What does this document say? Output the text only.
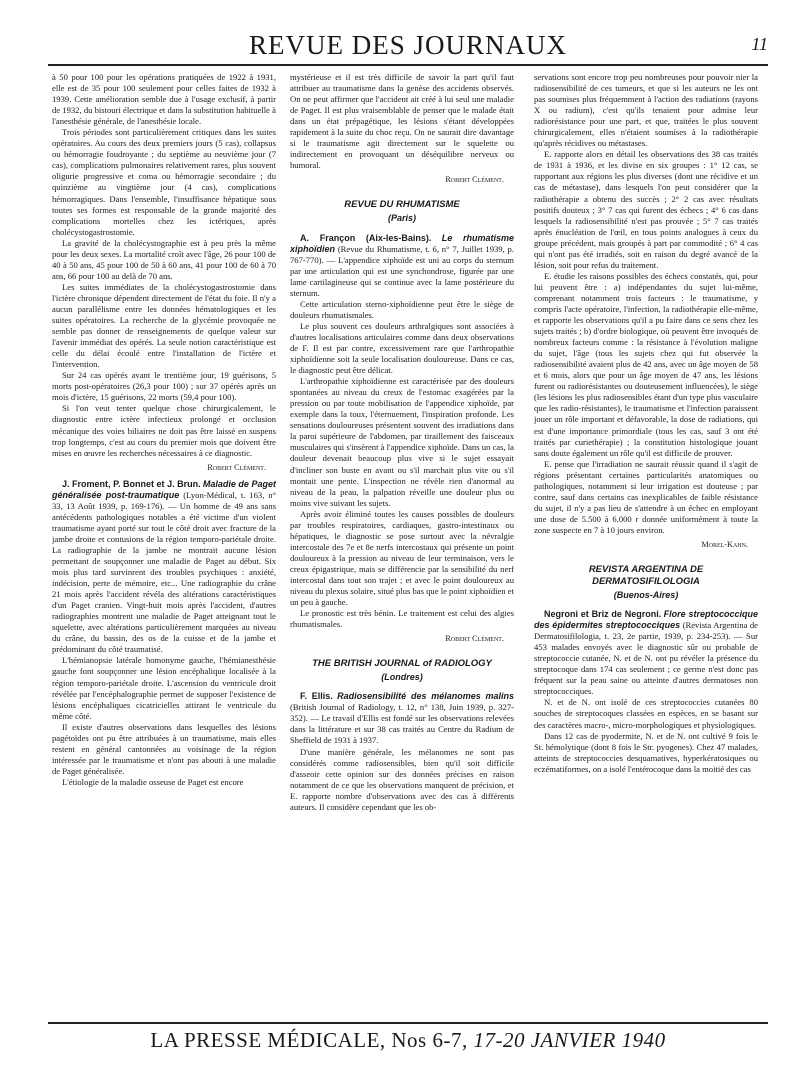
REVUE DES JOURNAUX	11

à 50 pour 100 pour les opérations pratiquées de 1922 à 1931, elle est de 35 pour 100 seulement pour celles faites de 1932 à 1939. Cette amélioration semble due à l'usage exclusif, à partir de 1932, du bistouri électrique et dans la substitution habituelle à l'anesthésie générale, de l'anesthésie locale.

Trois périodes sont particulièrement critiques dans les suites opératoires. Au cours des deux premiers jours (5 cas), collapsus ou hémorragie foudroyante ; du septième au neuvième jour (7 cas), complications pulmonaires relativement rares, plus souvent oligurie progressive et coma ou hémorragie secondaire ; du quinzième au vingtième jour (4 cas), complications hémorragiques. Dans l'ensemble, l'insuffisance hépatique sous toutes ses formes est responsable de la grande majorité des complications mortelles chez les ictériques, après cholécystogastrostomie.

La gravité de la cholécystographie est à peu près la même pour les deux sexes. La mortalité croît avec l'âge, 26 pour 100 de 40 à 50 ans, 45 pour 100 de 50 à 60 ans, 41 pour 100 de 60 à 70 ans, 66 pour 100 au delà de 70 ans.

Les suites immédiates de la cholécystogastrostomie dans l'ictère chronique dépendent directement de l'état du foie. Il n'y a aucun parallélisme entre les données hématologiques et les suites opératoires. La recherche de la glycémie provoquée ne semble pas donner de renseignements de quelque valeur sur l'avenir immédiat des opérés. La seule notion caractéristique est celle du délai écoulé entre l'installation de l'ictère et l'intervention.

Sur 24 cas opérés avant le trentième jour, 19 guérisons, 5 morts post-opératoires (26,3 pour 100) ; sur 37 opérés après un mois d'ictère, 15 guérisons, 22 morts (59,4 pour 100).

Si l'on veut tenter quelque chose chirurgicalement, le diagnostic entre ictère infectieux prolongé et occlusion mécanique des voies biliaires ne doit pas être laissé en suspens trop longtemps, c'est au cours du premier mois que doivent être mises en œuvre les recherches nécessaires à ce diagnostic.

Robert Clément.

J. Froment, P. Bonnet et J. Brun. Maladie de Paget généralisée post-traumatique (Lyon-Médical, t. 163, n° 33, 13 Août 1939, p. 169-176). — Un homme de 49 ans sans antécédents pathologiques notables a été victime d'un violent traumatisme ayant porté sur tout le côté droit avec fracture de la jambe droite et contusions de la région temporo-pariétale droite. La radiographie de la jambe ne montrait aucune lésion permettant de soupçonner une maladie de Paget au début. Six mois plus tard survinrent des troubles psychiques : anxiété, indécision, perte de mémoire, etc... Une radiographie du crâne 21 mois après l'accident révéla des altérations caractéristiques d'un Paget cranien. Vingt-huit mois après l'accident, d'autres radiographies montrent une maladie de Paget atteignant tout le squelette, avec altérations particulièrement marquées au niveau du crâne, du bassin, des os de la cuisse et de la jambe et prédominant du côté traumatisé.

L'hémianopsie latérale homonyme gauche, l'hémianesthésie gauche font soupçonner une lésion encéphalique localisée à la région temporo-pariétale droite. L'ascension du ventricule droit révélée par l'encéphalographie permet de supposer l'existence de lésions encéphaliques cicatricielles attirant le ventricule du même côté.

Il existe d'autres observations dans lesquelles des lésions pagétoïdes ont pu être attribuées à un traumatisme, mais elles restent en général cantonnées au voisinage de la région intéressée par le traumatisme et n'ont pas abouti à une maladie de Paget généralisée.

L'étiologie de la maladie osseuse de Paget est encore

mystérieuse et il est très difficile de savoir la part qu'il faut attribuer au traumatisme dans la genèse des accidents observés. On ne peut affirmer que l'accident ait créé à lui seul une maladie de Paget. Il est plus vraisemblable de penser que le malade était dans un état prépagétique, les lésions s'étant développées rapidement à la suite du choc reçu. On ne saurait dire davantage si le traumatisme agit directement sur le squelette ou indirectement en provoquant un déséquilibre nerveux ou humoral.

Robert Clément.
REVUE DU RHUMATISME
(Paris)

A. Françon (Aix-les-Bains). Le rhumatisme xiphoïdien (Revue du Rhumatisme, t. 6, n° 7, Juillet 1939, p. 767-770). — L'appendice xiphoïde est uni au corps du sternum par une articulation qui est une synchondrose, figurée par une lame cartilagineuse qui se continue avec la lame postérieure du sternum.

Cette articulation sterno-xiphoïdienne peut être le siège de douleurs rhumatismales.

Le plus souvent ces douleurs arthralgiques sont associées à d'autres localisations articulaires comme dans deux observations de F. Il est par contre, excessivement rare que l'arthropathie xiphoïdienne soit la seule localisation douloureuse. Dans ce cas, le diagnostic peut être délicat.

L'arthropathie xiphoïdienne est caractérisée par des douleurs spontanées au niveau du creux de l'estomac exagérées par la pression ou par toute mobilisation de l'appendice xiphoïde, par exemple dans la toux, l'éternuement, l'inspiration profonde. Les sensations douloureuses présentent souvent des irradiations dans la paroi supérieure de l'abdomen, par tiraillement des faisceaux musculaires qui s'insèrent à l'appendice xiphoïde. Dans un cas, la douleur devenait beaucoup plus vive si le sujet essayait d'incliner son buste en avant ou s'il marchait plus vite ou s'il montait une pente. L'inspection ne révèle rien d'anormal au niveau de la peau, la palpation réveille une douleur plus ou moins vive suivant les sujets.

Après avoir éliminé toutes les causes possibles de douleurs par troubles respiratoires, cardiaques, gastro-intestinaux ou hépatiques, le diagnostic se pose surtout avec la névralgie intercostale des 7e et 8e nerfs intercostaux qui présente un point douloureux à la pression au niveau de leur terminaison, vers le creux épigastrique, mais se différencie par la sensibilité du nerf intercostal dans tout son trajet ; et avec le point douloureux au niveau du plexus solaire, situé plus bas que le point xiphoïdien et un peu à gauche.

Le pronostic est très bénin. Le traitement est celui des algies rhumatismales.

Robert Clément.
THE BRITISH JOURNAL of RADIOLOGY
(Londres)

F. Ellis. Radiosensibilité des mélanomes malins (British Journal of Radiology, t. 12, n° 138, Juin 1939, p. 327-352). — Le travail d'Ellis est fondé sur les observations relevées dans la littérature et sur 38 cas traités au Centre du Radium de Sheffield de 1931 à 1937.

D'une manière générale, les mélanomes ne sont pas considérés comme radiosensibles, bien qu'il soit difficile d'asseoir cette opinion sur des données précises en raison notamment de ce que les observations manquent de précision, et E. rapporte nombre d'observations avec des cas à différents auteurs. Il considère cependant que les ob-

servations sont encore trop peu nombreuses pour pouvoir nier la radiosensibilité de ces tumeurs, et que si les auteurs ne les ont pas soumises plus fréquemment à l'action des radiations (rayons X ou radium), c'est qu'ils tenaient pour admise leur radiorésistance pour une part, et que, traitées le plus souvent chirurgicalement, elles n'étaient soumises à la radiothérapie qu'après récidives ou métastases.

E. rapporte alors en détail les observations des 38 cas traités de 1931 à 1936, et les divise en six groupes : 1° 12 cas, se rapportant aux régions les plus diverses (dont une récidive et un cas de métastase), dans lesquels l'on peut considérer que la radiothérapie a obtenu des succès ; 2° 2 cas avec résultats positifs douteux ; 3° 7 cas qui furent des échecs ; 4° 6 cas dans lesquels la radiosensibilité n'est pas prouvée ; 5° 7 cas traités après énucléation de l'œil, en tous points analogues à ceux du groupe précédent, mais groupés à part par commodité ; 6° 4 cas qui n'ont pas été irradiés, soit en raison du degré avancé de la lésion, soit pour refus du traitement.

E. étudie les raisons possibles des échecs constatés, qui, pour lui peuvent être : a) indépendantes du sujet lui-même, comprenant notamment trois facteurs : le traumatisme, y compris l'acte opératoire, l'infection, la radiothérapie elle-même, et rapporte les observations qu'il a pu faire dans ce sens chez les sujets traités ; b) d'ordre biologique, où peuvent être invoqués de nombreux facteurs comme : la résistance à l'évolution maligne du sujet, l'âge (tous les sujets chez qui fut observée la radiosensibilité avaient plus de 42 ans, avec un âge moyen de 58 et 6 mois, alors que pour un âge moyen de 47 ans, les lésions furent ou radiorésistantes ou douteusement influencées), le siège (les lésions les plus radiosensibles étant d'un type plus vasculaire que les radio-résistantes), le traumatisme et l'infection paraissent jouer un rôle important et défavorable, la dose de radiations, qui est d'une importance primordiale (tous les cas, sauf 3 ont été traités par curiethérapie) ; la constitution histologique jouant sans doute également un rôle qu'il est difficile de prouver.

E. pense que l'irradiation ne saurait réussir quand il s'agit de régions présentant certaines particularités anatomiques ou pathologiques, notamment si leur irrigation est douteuse ; par contre, sauf dans certains cas inexplicables de faible résistance du sujet, il n'y a pas lieu de s'attendre à un échec en employant une dose de 5.500 à 6.000 r donnée uniformément à toute la zone suspecte en 7 à 10 jours environ.

Morel-Kahn.
REVISTA ARGENTINA DE DERMATOSIFILOLOGIA
(Buenos-Aires)

Negroni et Briz de Negroni. Flore streptococcique des épidermites streptococciques (Revista Argentina de Dermatosifilologia, t. 23, 2e partie, 1939, p. 234-253). — Sur 453 malades envoyés avec le diagnostic sûr ou probable de streptococcie cutanée, N. et de N. ont pu révéler la présence du streptocoque dans 174 cas seulement ; ce germe n'est donc pas fréquent sur la peau saine ou atteinte d'autres dermatoses non streptococciques.

N. et de N. ont isolé de ces streptococcies cutanées 80 souches de streptocoques classées en espèces, en se basant sur des caractères macro-, micro-morphologiques et physiologiques.

Dans 12 cas de pyodermite, N. et de N. ont cultivé 9 fois le St. hémolytique (dont 8 fois le Str. pyogenes). Chez 47 malades, atteints de streptococcies desquamatives, hyperkératosiques ou eczématiformes, on a isolé l'entérocoque dans la moitié des cas

LA PRESSE MÉDICALE, Nos 6-7, 17-20 JANVIER 1940
